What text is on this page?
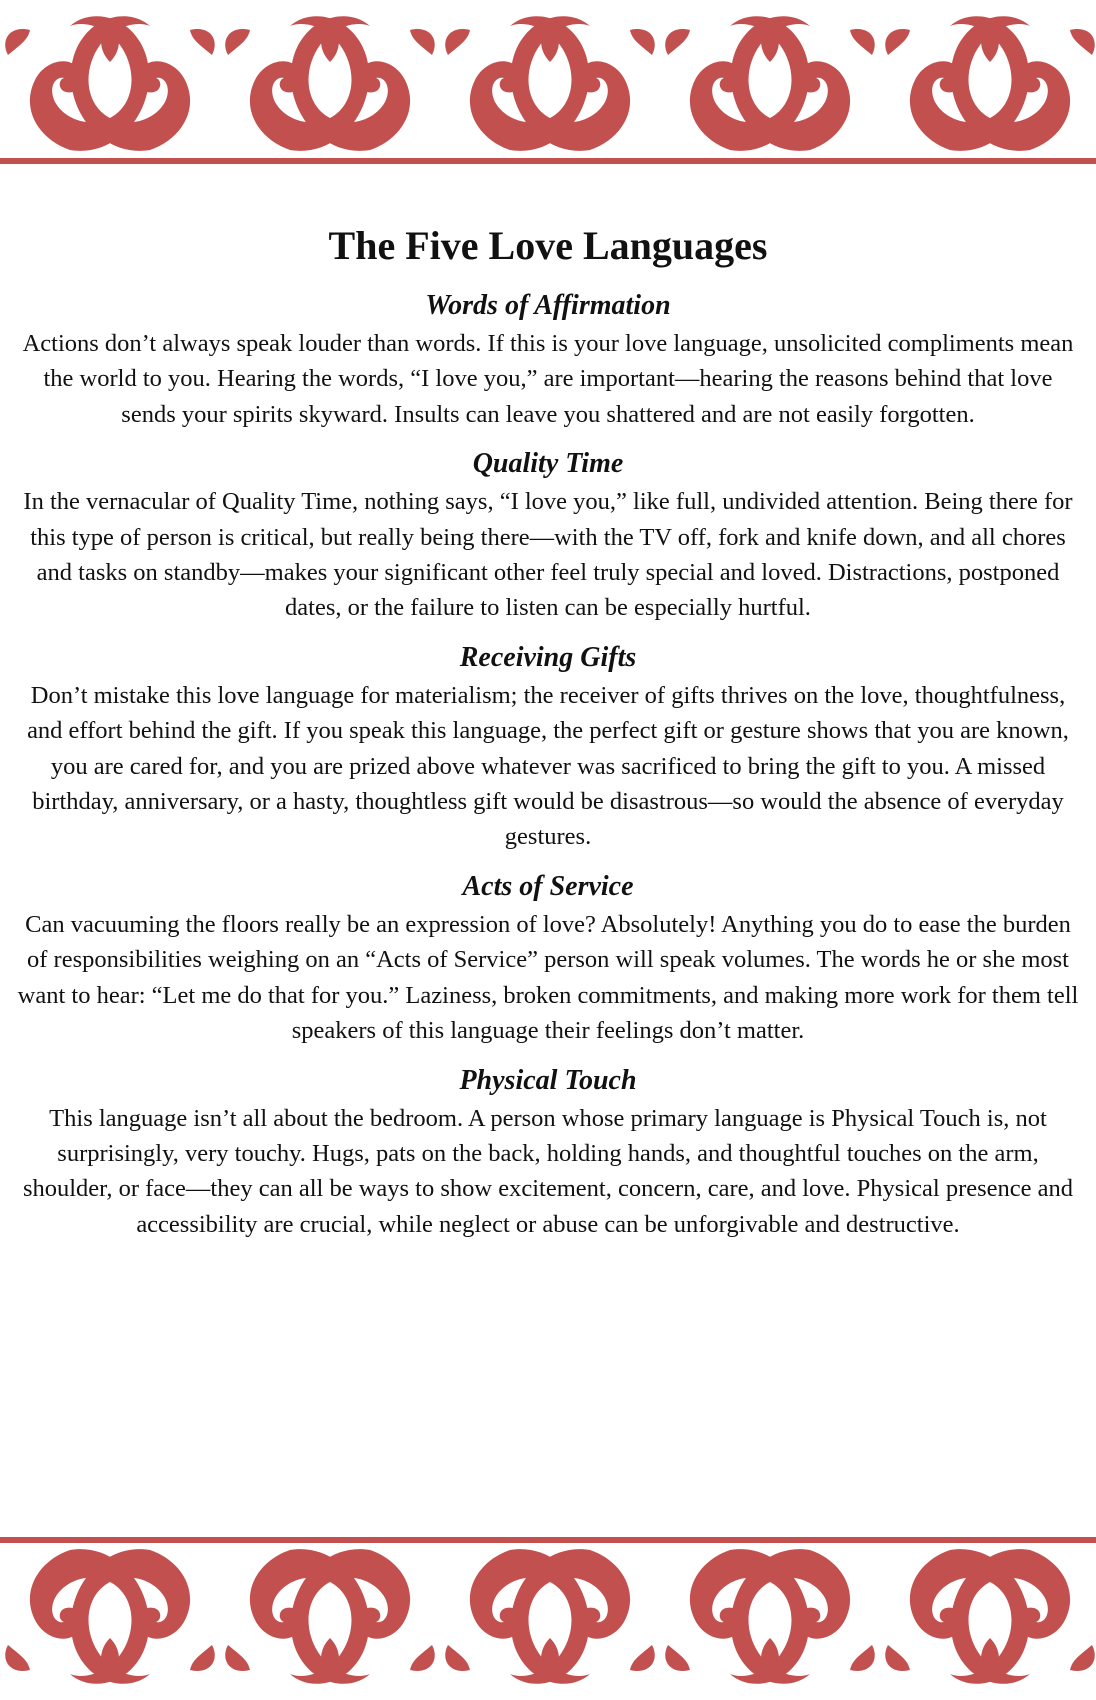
The Five Love Languages
Words of Affirmation

Actions don’t always speak louder than words. If this is your love language, unsolicited compliments mean the world to you. Hearing the words, “I love you,” are important—hearing the reasons behind that love sends your spirits skyward. Insults can leave you shattered and are not easily forgotten.

Quality Time

In the vernacular of Quality Time, nothing says, “I love you,” like full, undivided attention. Being there for this type of person is critical, but really being there—with the TV off, fork and knife down, and all chores and tasks on standby—makes your significant other feel truly special and loved. Distractions, postponed dates, or the failure to listen can be especially hurtful.

Receiving Gifts

Don’t mistake this love language for materialism; the receiver of gifts thrives on the love, thoughtfulness, and effort behind the gift. If you speak this language, the perfect gift or gesture shows that you are known, you are cared for, and you are prized above whatever was sacrificed to bring the gift to you. A missed birthday, anniversary, or a hasty, thoughtless gift would be disastrous—so would the absence of everyday gestures.

Acts of Service

Can vacuuming the floors really be an expression of love? Absolutely! Anything you do to ease the burden of responsibilities weighing on an “Acts of Service” person will speak volumes. The words he or she most want to hear: “Let me do that for you.” Laziness, broken commitments, and making more work for them tell speakers of this language their feelings don’t matter.

Physical Touch

This language isn’t all about the bedroom. A person whose primary language is Physical Touch is, not surprisingly, very touchy. Hugs, pats on the back, holding hands, and thoughtful touches on the arm, shoulder, or face—they can all be ways to show excitement, concern, care, and love. Physical presence and accessibility are crucial, while neglect or abuse can be unforgivable and destructive.
